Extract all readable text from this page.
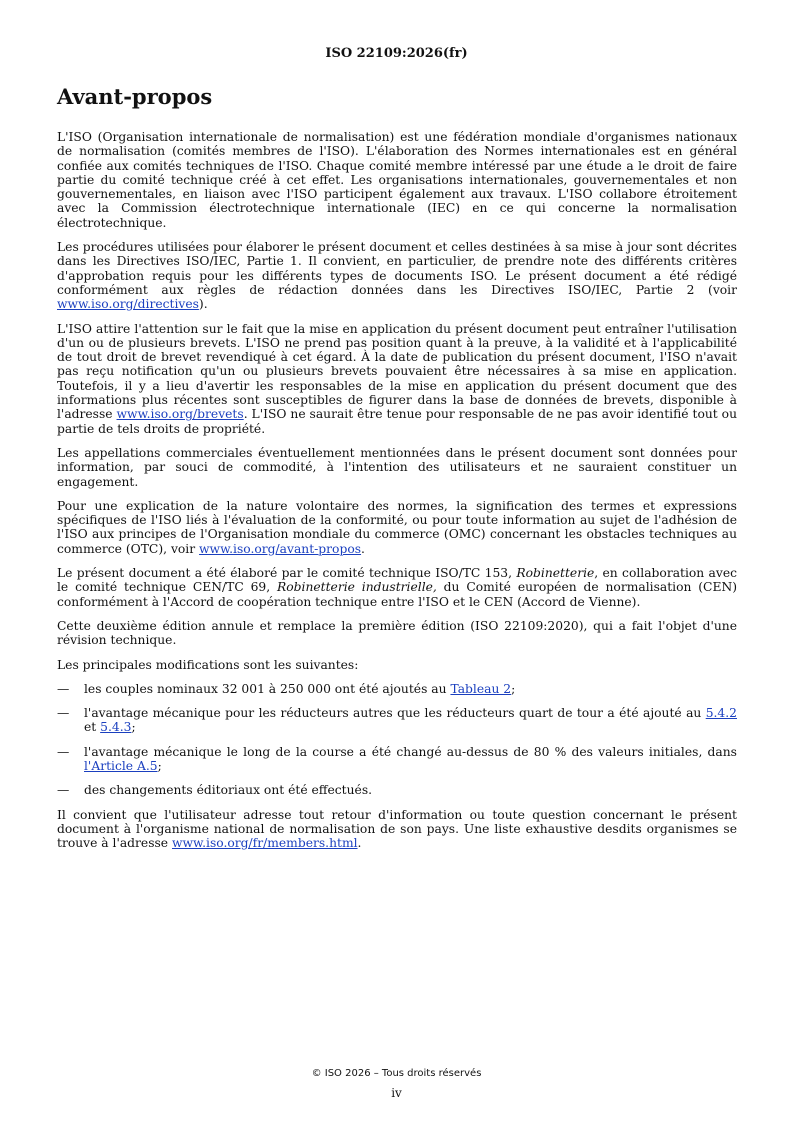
ISO 22109:2026(fr)
Avant-propos

L'ISO (Organisation internationale de normalisation) est une fédération mondiale d'organismes nationaux de normalisation (comités membres de l'ISO). L'élaboration des Normes internationales est en général confiée aux comités techniques de l'ISO. Chaque comité membre intéressé par une étude a le droit de faire partie du comité technique créé à cet effet. Les organisations internationales, gouvernementales et non gouvernementales, en liaison avec l'ISO participent également aux travaux. L'ISO collabore étroitement avec la Commission électrotechnique internationale (IEC) en ce qui concerne la normalisation électrotechnique.

Les procédures utilisées pour élaborer le présent document et celles destinées à sa mise à jour sont décrites dans les Directives ISO/IEC, Partie 1. Il convient, en particulier, de prendre note des différents critères d'approbation requis pour les différents types de documents ISO. Le présent document a été rédigé conformément aux règles de rédaction données dans les Directives ISO/IEC, Partie 2 (voir www.iso.org/directives).

L'ISO attire l'attention sur le fait que la mise en application du présent document peut entraîner l'utilisation d'un ou de plusieurs brevets. L'ISO ne prend pas position quant à la preuve, à la validité et à l'applicabilité de tout droit de brevet revendiqué à cet égard. À la date de publication du présent document, l'ISO n'avait pas reçu notification qu'un ou plusieurs brevets pouvaient être nécessaires à sa mise en application. Toutefois, il y a lieu d'avertir les responsables de la mise en application du présent document que des informations plus récentes sont susceptibles de figurer dans la base de données de brevets, disponible à l'adresse www.iso.org/brevets. L'ISO ne saurait être tenue pour responsable de ne pas avoir identifié tout ou partie de tels droits de propriété.

Les appellations commerciales éventuellement mentionnées dans le présent document sont données pour information, par souci de commodité, à l'intention des utilisateurs et ne sauraient constituer un engagement.

Pour une explication de la nature volontaire des normes, la signification des termes et expressions spécifiques de l'ISO liés à l'évaluation de la conformité, ou pour toute information au sujet de l'adhésion de l'ISO aux principes de l'Organisation mondiale du commerce (OMC) concernant les obstacles techniques au commerce (OTC), voir www.iso.org/avant-propos.

Le présent document a été élaboré par le comité technique ISO/TC 153, Robinetterie, en collaboration avec le comité technique CEN/TC 69, Robinetterie industrielle, du Comité européen de normalisation (CEN) conformément à l'Accord de coopération technique entre l'ISO et le CEN (Accord de Vienne).

Cette deuxième édition annule et remplace la première édition (ISO 22109:2020), qui a fait l'objet d'une révision technique.

Les principales modifications sont les suivantes:

—	les couples nominaux 32 001 à 250 000 ont été ajoutés au Tableau 2;
—	l'avantage mécanique pour les réducteurs autres que les réducteurs quart de tour a été ajouté au 5.4.2 et 5.4.3;
—	l'avantage mécanique le long de la course a été changé au-dessus de 80 % des valeurs initiales, dans l'Article A.5;
—	des changements éditoriaux ont été effectués.

Il convient que l'utilisateur adresse tout retour d'information ou toute question concernant le présent document à l'organisme national de normalisation de son pays. Une liste exhaustive desdits organismes se trouve à l'adresse www.iso.org/fr/members.html.

© ISO 2026 – Tous droits réservés
iv
